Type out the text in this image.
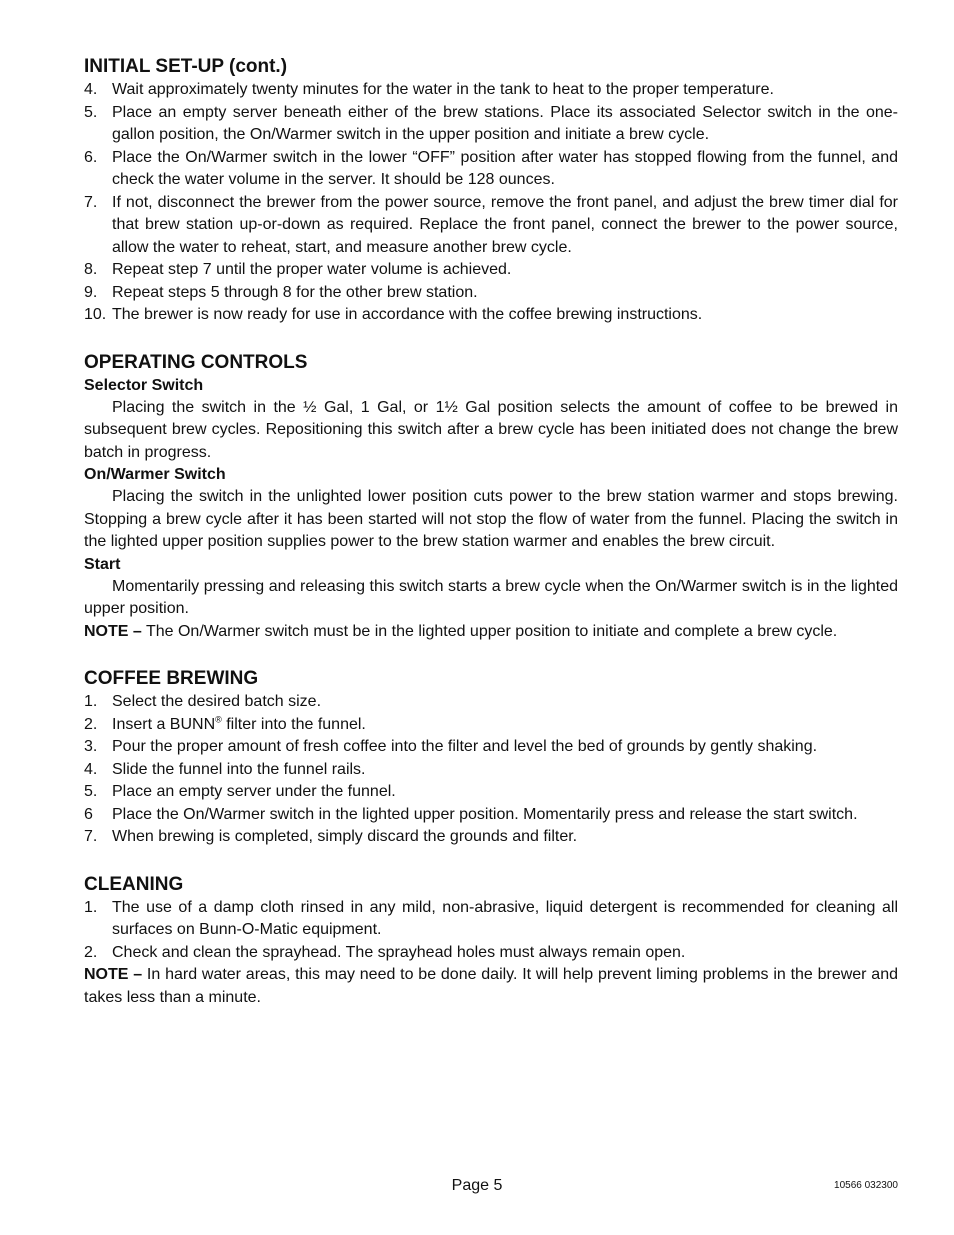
INITIAL SET-UP (cont.)
4. Wait approximately twenty minutes for the water in the tank to heat to the proper temperature.
5. Place an empty server beneath either of the brew stations. Place its associated Selector switch in the one-gallon position, the On/Warmer switch in the upper position and initiate a brew cycle.
6. Place the On/Warmer switch in the lower “OFF” position after water has stopped flowing from the funnel, and check the water volume in the server. It should be 128 ounces.
7. If not, disconnect the brewer from the power source, remove the front panel, and adjust the brew timer dial for that brew station up-or-down as required. Replace the front panel, connect the brewer to the power source, allow the water to reheat, start, and measure another brew cycle.
8. Repeat step 7 until the proper water volume is achieved.
9. Repeat steps 5 through 8 for the other brew station.
10. The brewer is now ready for use in accordance with the coffee brewing instructions.
OPERATING CONTROLS
Selector Switch

Placing the switch in the ½ Gal, 1 Gal, or 1½ Gal position selects the amount of coffee to be brewed in subsequent brew cycles. Repositioning this switch after a brew cycle has been initiated does not change the brew batch in progress.

On/Warmer Switch

Placing the switch in the unlighted lower position cuts power to the brew station warmer and stops brewing. Stopping a brew cycle after it has been started will not stop the flow of water from the funnel. Placing the switch in the lighted upper position supplies power to the brew station warmer and enables the brew circuit.

Start

Momentarily pressing and releasing this switch starts a brew cycle when the On/Warmer switch is in the lighted upper position.

NOTE – The On/Warmer switch must be in the lighted upper position to initiate and complete a brew cycle.

COFFEE BREWING
1. Select the desired batch size.
2. Insert a BUNN® filter into the funnel.
3. Pour the proper amount of fresh coffee into the filter and level the bed of grounds by gently shaking.
4. Slide the funnel into the funnel rails.
5. Place an empty server under the funnel.
6	Place the On/Warmer switch in the lighted upper position. Momentarily press and release the start switch.
7. When brewing is completed, simply discard the grounds and filter.
CLEANING
1. The use of a damp cloth rinsed in any mild, non-abrasive, liquid detergent is recommended for cleaning all surfaces on Bunn-O-Matic equipment.
2. Check and clean the sprayhead. The sprayhead holes must always remain open.

NOTE – In hard water areas, this may need to be done daily. It will help prevent liming problems in the brewer and takes less than a minute.

Page 5	10566 032300
